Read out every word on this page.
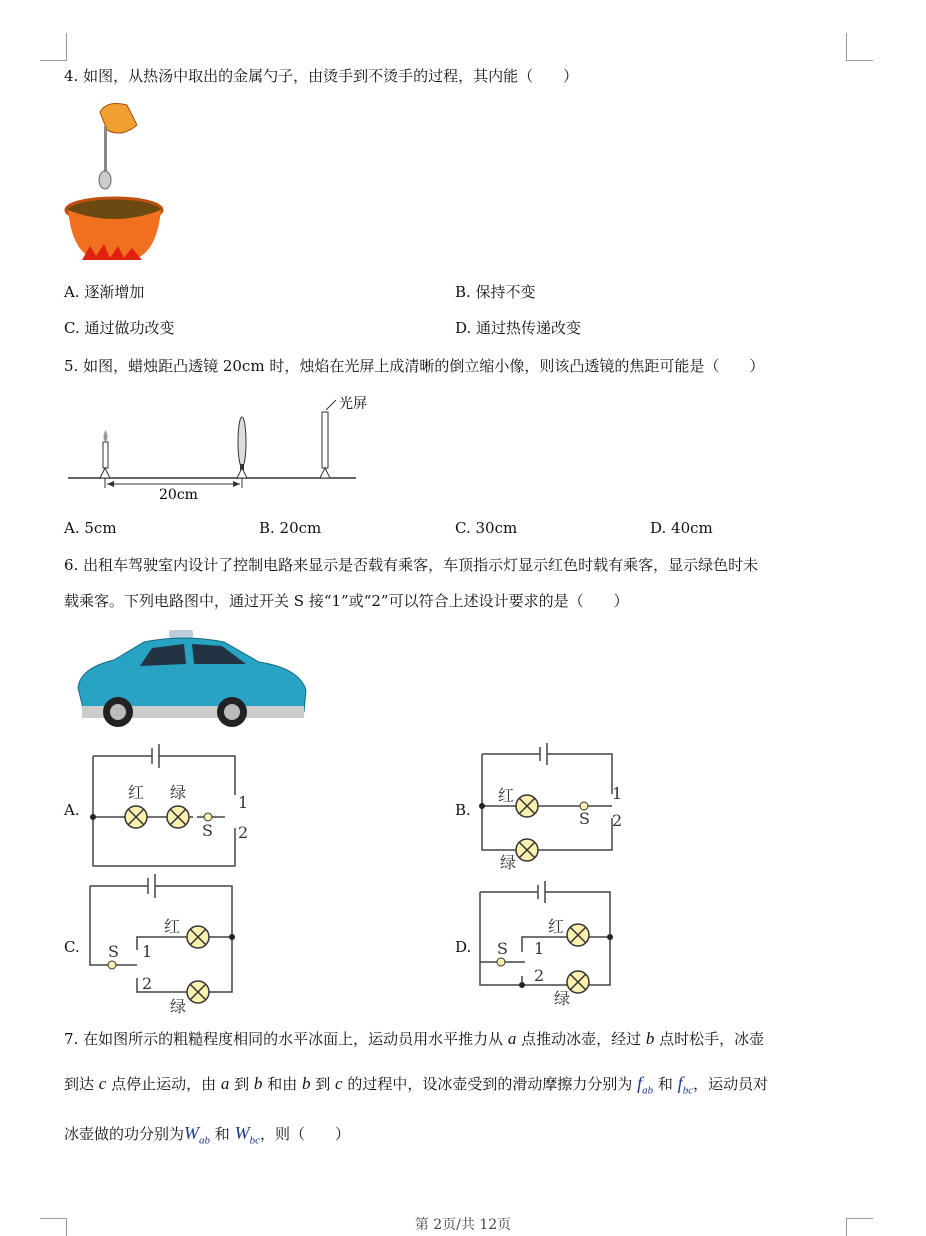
4. 如图，从热汤中取出的金属勺子，由烫手到不烫手的过程，其内能（　　）
A. 逐渐增加	B. 保持不变
C. 通过做功改变	D. 通过热传递改变
5. 如图，蜡烛距凸透镜 20cm 时，烛焰在光屏上成清晰的倒立缩小像，则该凸透镜的焦距可能是（　　）
光屏
20cm
A. 5cm	B. 20cm	C. 30cm	D. 40cm
6. 出租车驾驶室内设计了控制电路来显示是否载有乘客，车顶指示灯显示红色时载有乘客，显示绿色时未
载乘客。下列电路图中，通过开关 S 接“1”或“2”可以符合上述设计要求的是（　　）
A.	B.
C.	D.
红 绿
S
1
2
红
绿
S
1
2
红
绿
S 1
2
红
绿
S 1
2
7. 在如图所示的粗糙程度相同的水平冰面上，运动员用水平推力从 a 点推动冰壶，经过 b 点时松手，冰壶
到达 c 点停止运动，由 a 到 b 和由 b 到 c 的过程中，设冰壶受到的滑动摩擦力分别为 $f_{ab}$ 和 $f_{bc}$，运动员对
冰壶做的功分别为$W_{ab}$ 和 $W_{bc}$，则（　　）
第 2页/共 12页
